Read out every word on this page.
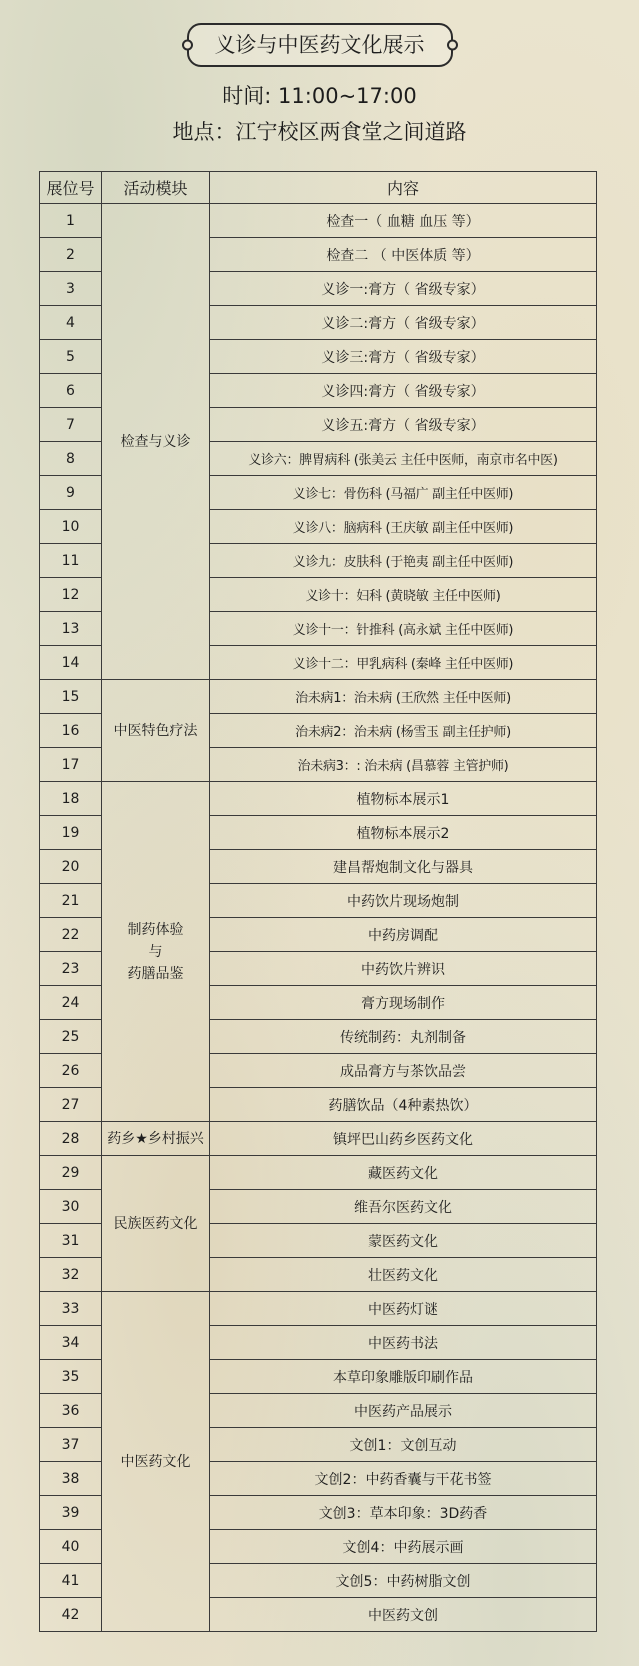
义诊与中医药文化展示
时间: 11:00~17:00
地点：江宁校区两食堂之间道路
展位号	活动模块	内容
1	检查与义诊	检查一（ 血糖 血压 等）
2		检查二 （ 中医体质 等）
3		义诊一:膏方（ 省级专家）
4		义诊二:膏方（ 省级专家）
5		义诊三:膏方（ 省级专家）
6		义诊四:膏方（ 省级专家）
7		义诊五:膏方（ 省级专家）
8		义诊六：脾胃病科 (张美云 主任中医师，南京市名中医)
9		义诊七：骨伤科 (马福广 副主任中医师)
10		义诊八：脑病科 (王庆敏 副主任中医师)
11		义诊九：皮肤科 (于艳夷 副主任中医师)
12		义诊十：妇科 (黄晓敏 主任中医师)
13		义诊十一：针推科 (高永斌 主任中医师)
14		义诊十二：甲乳病科 (秦峰 主任中医师)
15	中医特色疗法	治未病1：治未病 (王欣然 主任中医师)
16		治未病2：治未病 (杨雪玉 副主任护师)
17		治未病3：: 治未病 (昌慕蓉 主管护师)
18	制药体验
与
药膳品鉴	植物标本展示1
19		植物标本展示2
20		建昌帮炮制文化与器具
21		中药饮片现场炮制
22		中药房调配
23		中药饮片辨识
24		膏方现场制作
25		传统制药：丸剂制备
26		成品膏方与茶饮品尝
27		药膳饮品（4种素热饮）
28	药乡★乡村振兴	镇坪巴山药乡医药文化
29	民族医药文化	藏医药文化
30		维吾尔医药文化
31		蒙医药文化
32		壮医药文化
33	中医药文化	中医药灯谜
34		中医药书法
35		本草印象雕版印刷作品
36		中医药产品展示
37		文创1：文创互动
38		文创2：中药香囊与干花书签
39		文创3：草本印象：3D药香
40		文创4：中药展示画
41		文创5：中药树脂文创
42		中医药文创
